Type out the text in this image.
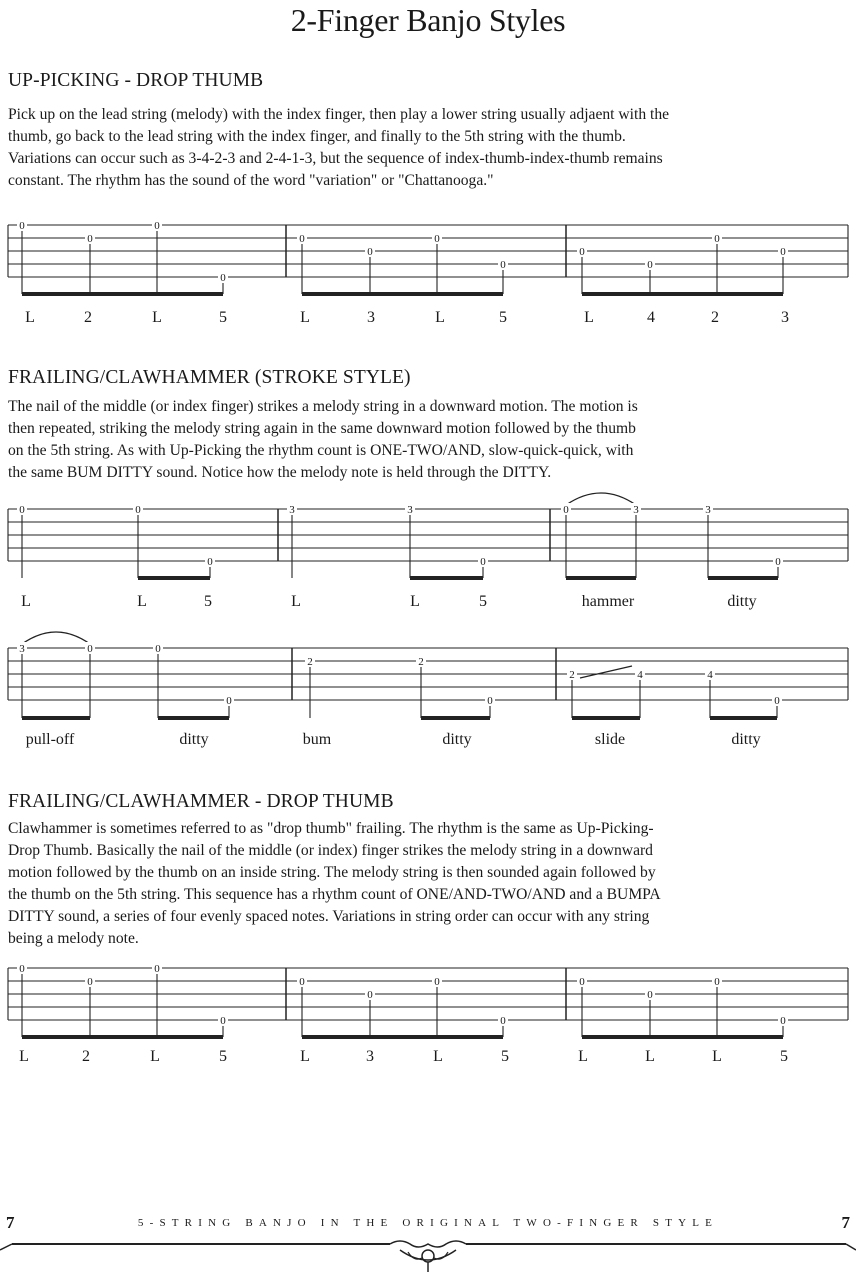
2-Finger Banjo Styles
UP-PICKING - DROP THUMB
Pick up on the lead string (melody) with the index finger, then play a lower string usually adjaent with the
thumb, go back to the lead string with the index finger, and finally to the 5th string with the thumb.
Variations can occur such as 3-4-2-3 and 2-4-1-3, but the sequence of index-thumb-index-thumb remains
constant. The rhythm has the sound of the word "variation" or "Chattanooga."
0
0
0
0
0
0
0
0
0
0
0
0
L	2	L	5	L	3	L	5	L	4	2	3
FRAILING/CLAWHAMMER (STROKE STYLE)
The nail of the middle (or index finger) strikes a melody string in a downward motion. The motion is
then repeated, striking the melody string again in the same downward motion followed by the thumb
on the 5th string. As with Up-Picking the rhythm count is ONE-TWO/AND, slow-quick-quick, with
the same BUM DITTY sound. Notice how the melody note is held through the DITTY.
0	0
0
3	3
0
0	3	3
0
L	L	5	L	L	5	hammer	ditty
3	0	0
0
2	2
0
2	4	4
0
pull-off	ditty	bum	ditty	slide	ditty
FRAILING/CLAWHAMMER - DROP THUMB
Clawhammer is sometimes referred to as "drop thumb" frailing. The rhythm is the same as Up-Picking-
Drop Thumb. Basically the nail of the middle (or index) finger strikes the melody string in a downward
motion followed by the thumb on an inside string. The melody string is then sounded again followed by
the thumb on the 5th string. This sequence has a rhythm count of ONE/AND-TWO/AND and a BUMPA
DITTY sound, a series of four evenly spaced notes. Variations in string order can occur with any string
being a melody note.
0
0
0
0
0
0
0
0
0
0
0
0
L	2	L	5	L	3	L	5	L	L	L	5
7	5-STRING BANJO IN THE ORIGINAL TWO-FINGER STYLE	7
